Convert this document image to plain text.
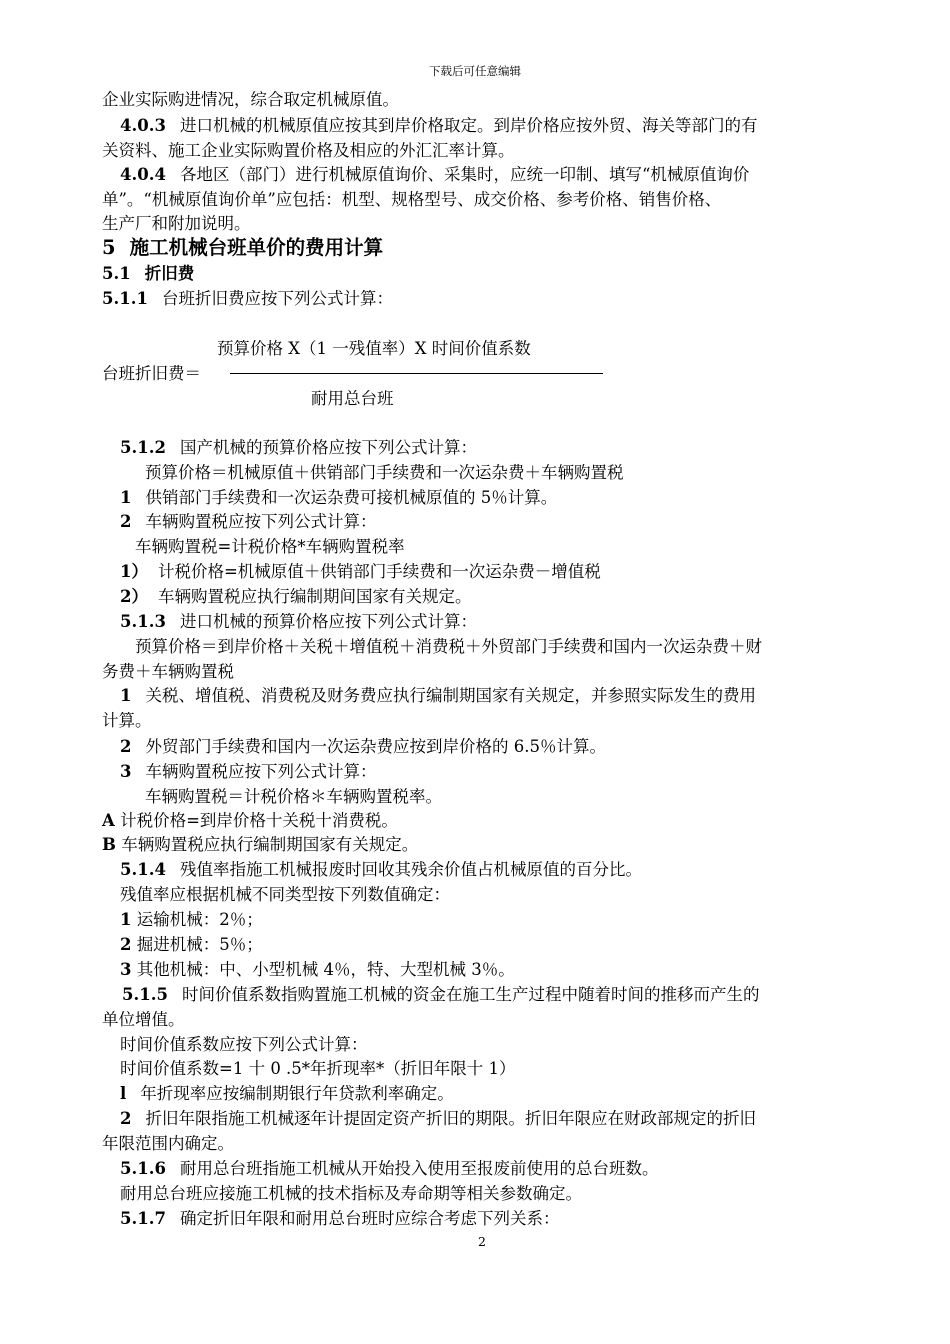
下载后可任意编辑
企业实际购进情况，综合取定机械原值。
4.0.3 进口机械的机械原值应按其到岸价格取定。到岸价格应按外贸、海关等部门的有
关资料、施工企业实际购置价格及相应的外汇汇率计算。
4.0.4 各地区（部门）进行机械原值询价、采集时，应统一印制、填写“机械原值询价
单”。“机械原值询价单”应包括：机型、规格型号、成交价格、参考价格、销售价格、
生产厂和附加说明。
5 施工机械台班单价的费用计算
5.1 折旧费
5.1.1 台班折旧费应按下列公式计算：
预算价格 X（1 一残值率）X 时间价值系数
台班折旧费＝
耐用总台班
5.1.2 国产机械的预算价格应按下列公式计算：
预算价格＝机械原值＋供销部门手续费和一次运杂费＋车辆购置税
1 供销部门手续费和一次运杂费可接机械原值的 5％计算。
2 车辆购置税应按下列公式计算：
车辆购置税=计税价格*车辆购置税率
1） 计税价格=机械原值＋供销部门手续费和一次运杂费－增值税
2） 车辆购置税应执行编制期间国家有关规定。
5.1.3 进口机械的预算价格应按下列公式计算：
预算价格＝到岸价格＋关税＋增值税＋消费税＋外贸部门手续费和国内一次运杂费＋财
务费＋车辆购置税
1 关税、增值税、消费税及财务费应执行编制期国家有关规定，并参照实际发生的费用
计算。
2 外贸部门手续费和国内一次运杂费应按到岸价格的 6.5％计算。
3 车辆购置税应按下列公式计算：
车辆购置税＝计税价格＊车辆购置税率。
A 计税价格=到岸价格十关税十消费税。
B 车辆购置税应执行编制期国家有关规定。
5.1.4 残值率指施工机械报废时回收其残余价值占机械原值的百分比。
残值率应根据机械不同类型按下列数值确定：
1 运输机械：2％；
2 掘进机械：5％；
3 其他机械：中、小型机械 4％，特、大型机械 3％。
5.1.5 时间价值系数指购置施工机械的资金在施工生产过程中随着时间的推移而产生的
单位增值。
时间价值系数应按下列公式计算：
时间价值系数=1 十 0 .5*年折现率*（折旧年限十 1）
l 年折现率应按编制期银行年贷款利率确定。
2 折旧年限指施工机械逐年计提固定资产折旧的期限。折旧年限应在财政部规定的折旧
年限范围内确定。
5.1.6 耐用总台班指施工机械从开始投入使用至报废前使用的总台班数。
耐用总台班应接施工机械的技术指标及寿命期等相关参数确定。
5.1.7 确定折旧年限和耐用总台班时应综合考虑下列关系：
2
